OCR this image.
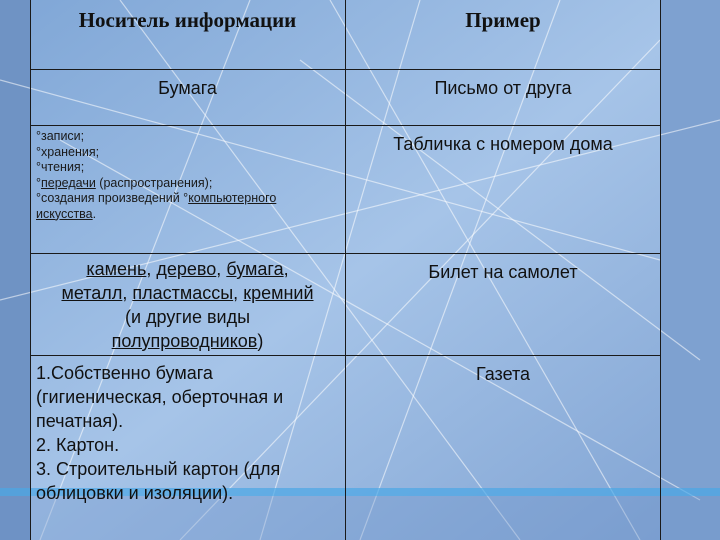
Носитель информации	Пример
Бумага	Письмо от друга
°записи;
°хранения;
°чтения;
°передачи (распространения);
°создания произведений °компьютерного
искусства.
Табличка с номером дома
камень, дерево, бумага,
металл, пластмассы, кремний
(и другие виды
полупроводников)
Билет на самолет
1.Собственно бумага
(гигиеническая, оберточная и
печатная).
2. Картон.
3. Строительный картон (для
облицовки и изоляции).
Газета
